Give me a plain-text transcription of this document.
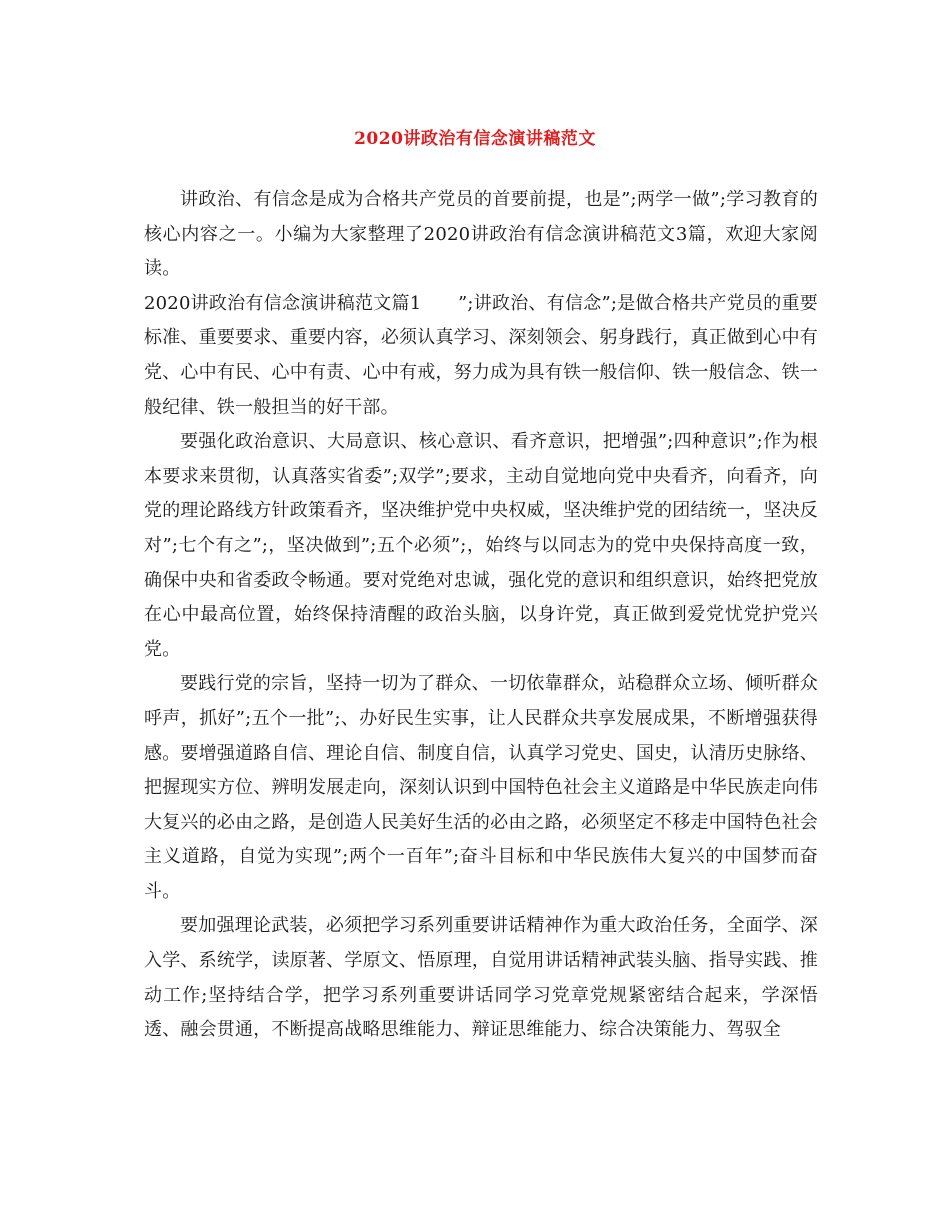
2020讲政治有信念演讲稿范文

讲政治、有信念是成为合格共产党员的首要前提，也是”;两学一做”;学习教育的核心内容之一。小编为大家整理了2020讲政治有信念演讲稿范文3篇，欢迎大家阅读。

2020讲政治有信念演讲稿范文篇1　　”;讲政治、有信念”;是做合格共产党员的重要标准、重要要求、重要内容，必须认真学习、深刻领会、躬身践行，真正做到心中有党、心中有民、心中有责、心中有戒，努力成为具有铁一般信仰、铁一般信念、铁一般纪律、铁一般担当的好干部。

要强化政治意识、大局意识、核心意识、看齐意识，把增强”;四种意识”;作为根本要求来贯彻，认真落实省委”;双学”;要求，主动自觉地向党中央看齐，向看齐，向党的理论路线方针政策看齐，坚决维护党中央权威，坚决维护党的团结统一，坚决反对”;七个有之”;，坚决做到”;五个必须”;，始终与以同志为的党中央保持高度一致，确保中央和省委政令畅通。要对党绝对忠诚，强化党的意识和组织意识，始终把党放在心中最高位置，始终保持清醒的政治头脑，以身许党，真正做到爱党忧党护党兴党。

要践行党的宗旨，坚持一切为了群众、一切依靠群众，站稳群众立场、倾听群众呼声，抓好”;五个一批”;、办好民生实事，让人民群众共享发展成果，不断增强获得感。要增强道路自信、理论自信、制度自信，认真学习党史、国史，认清历史脉络、把握现实方位、辨明发展走向，深刻认识到中国特色社会主义道路是中华民族走向伟大复兴的必由之路，是创造人民美好生活的必由之路，必须坚定不移走中国特色社会主义道路，自觉为实现”;两个一百年”;奋斗目标和中华民族伟大复兴的中国梦而奋斗。

要加强理论武装，必须把学习系列重要讲话精神作为重大政治任务，全面学、深入学、系统学，读原著、学原文、悟原理，自觉用讲话精神武装头脑、指导实践、推动工作;坚持结合学，把学习系列重要讲话同学习党章党规紧密结合起来，学深悟透、融会贯通，不断提高战略思维能力、辩证思维能力、综合决策能力、驾驭全
